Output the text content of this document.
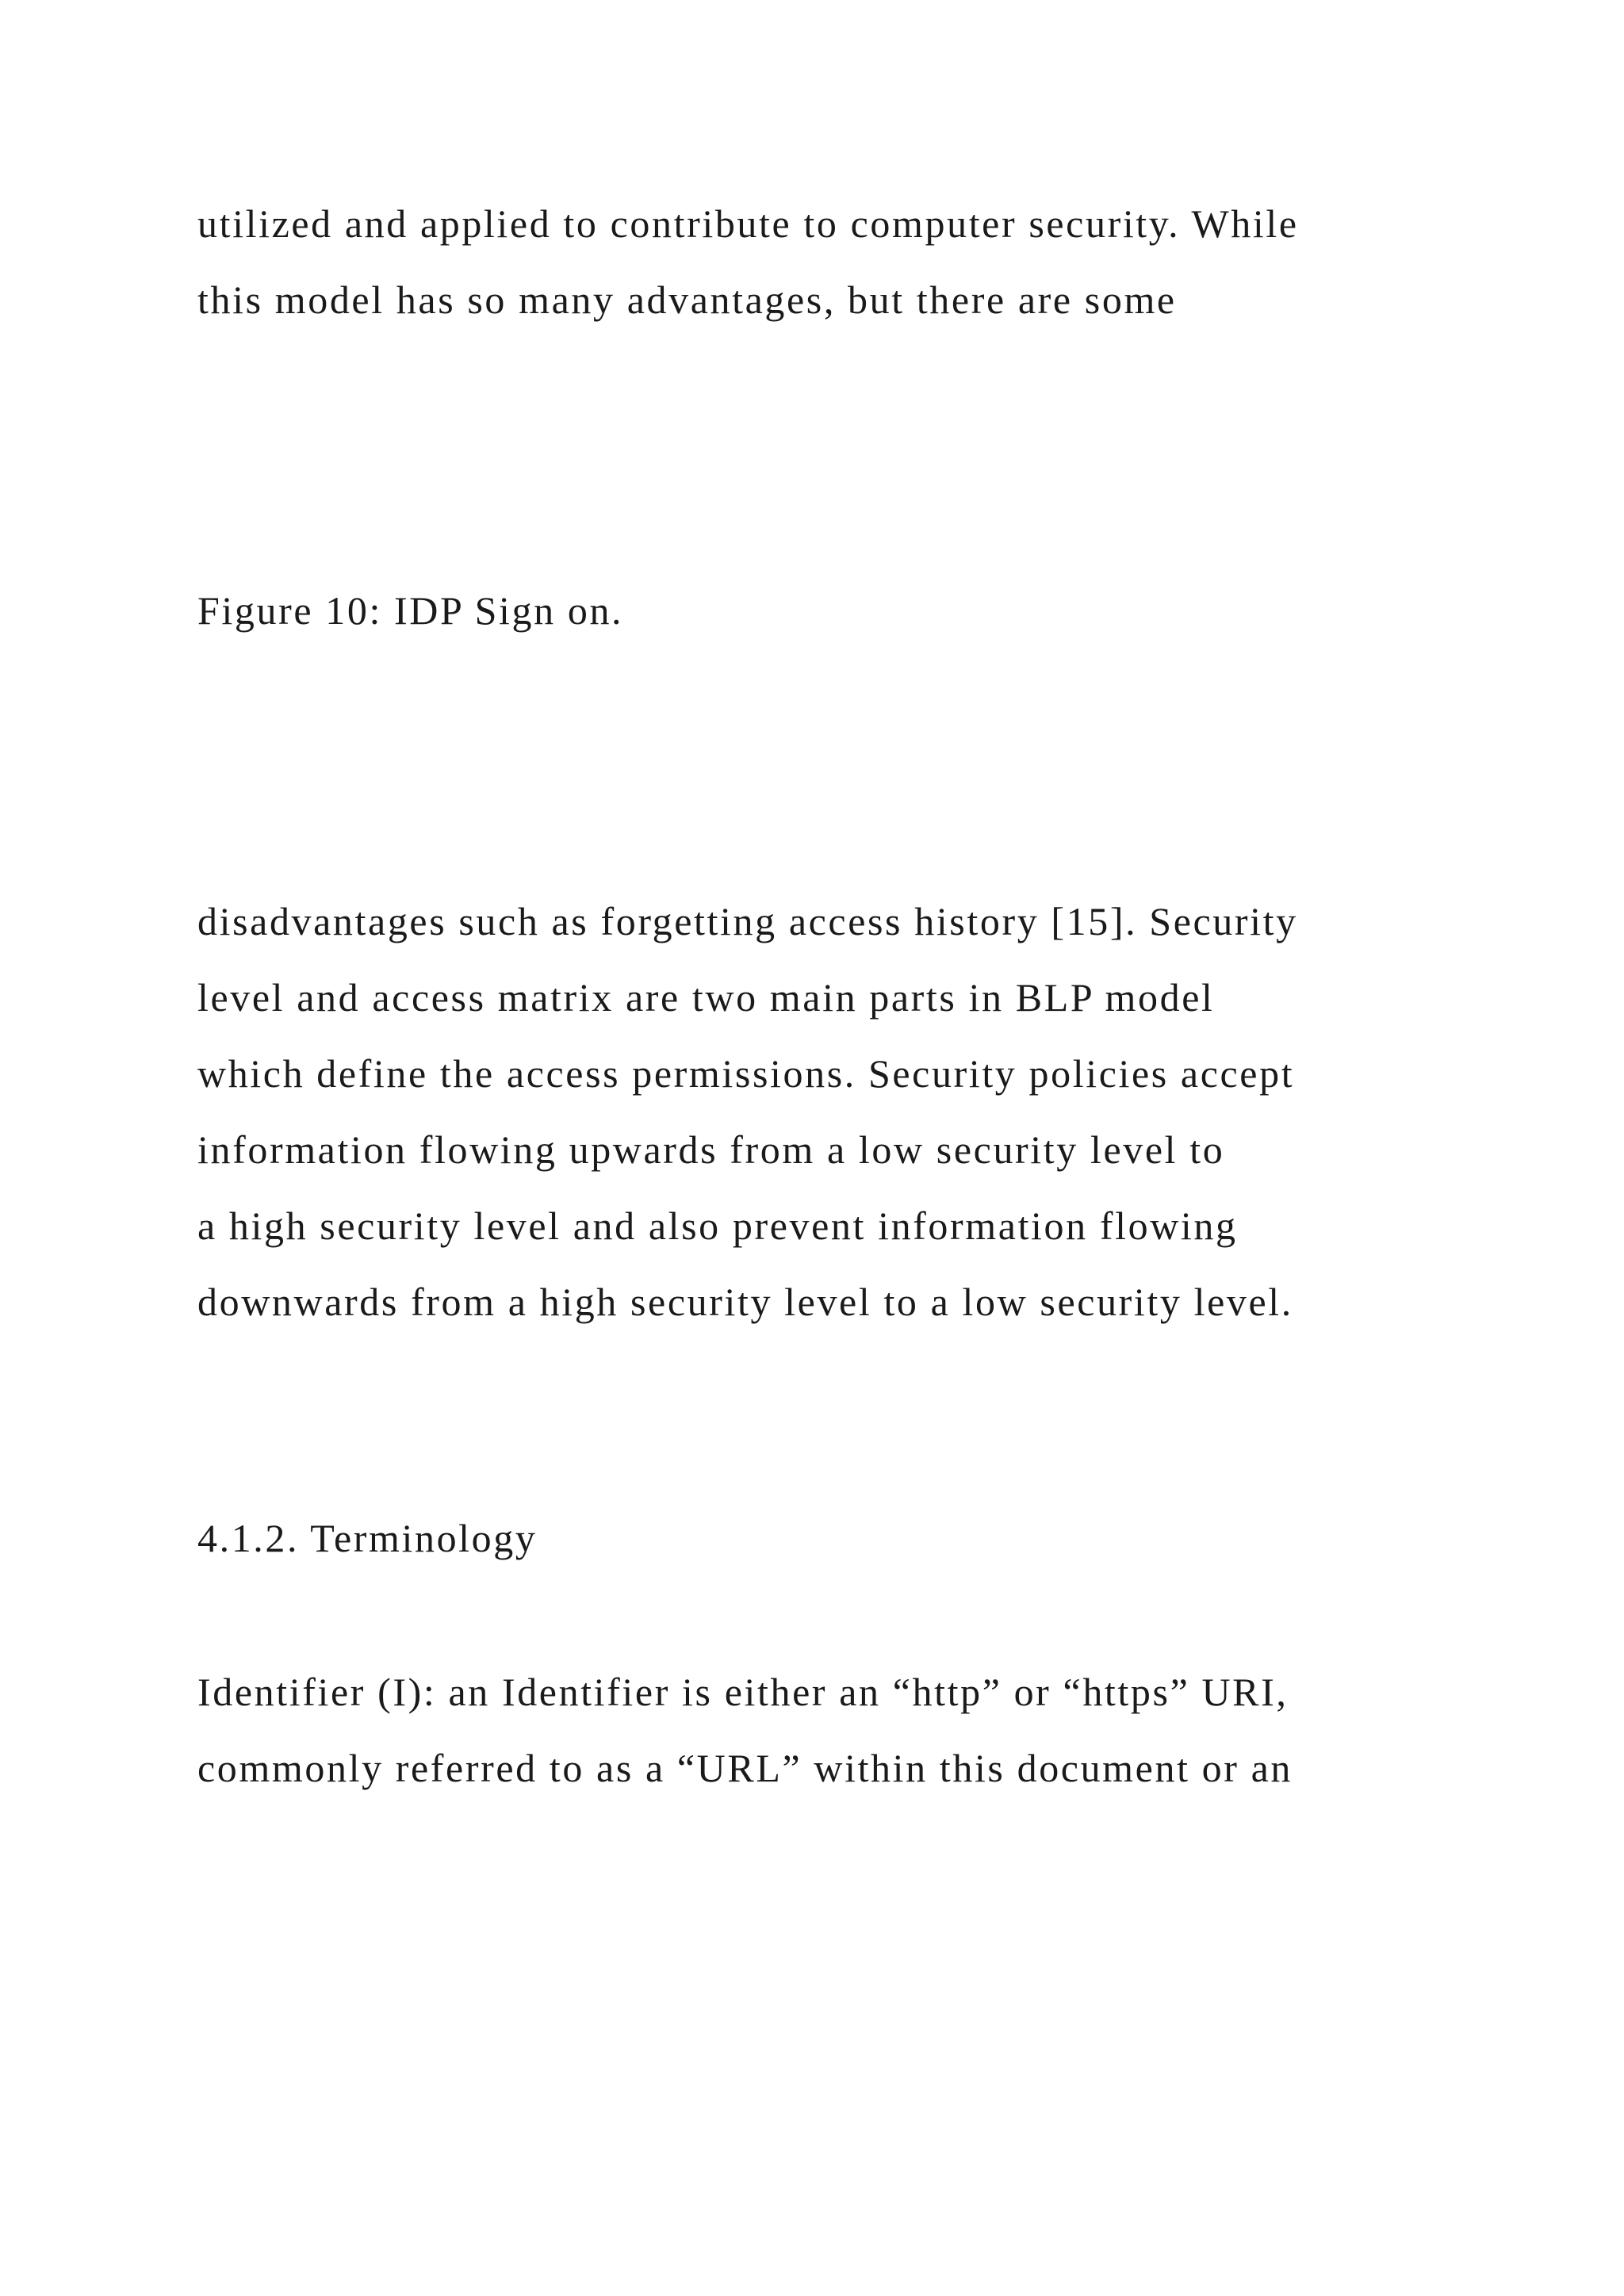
utilized and applied to contribute to computer security. While

this model has so many advantages, but there are some

Figure 10: IDP Sign on.

disadvantages such as forgetting access history [15]. Security

level and access matrix are two main parts in BLP model

which define the access permissions. Security policies accept

information flowing upwards from a low security level to

a high security level and also prevent information flowing

downwards from a high security level to a low security level.

4.1.2. Terminology

Identifier (I): an Identifier is either an “http” or “https” URI,

commonly referred to as a “URL” within this document or an
